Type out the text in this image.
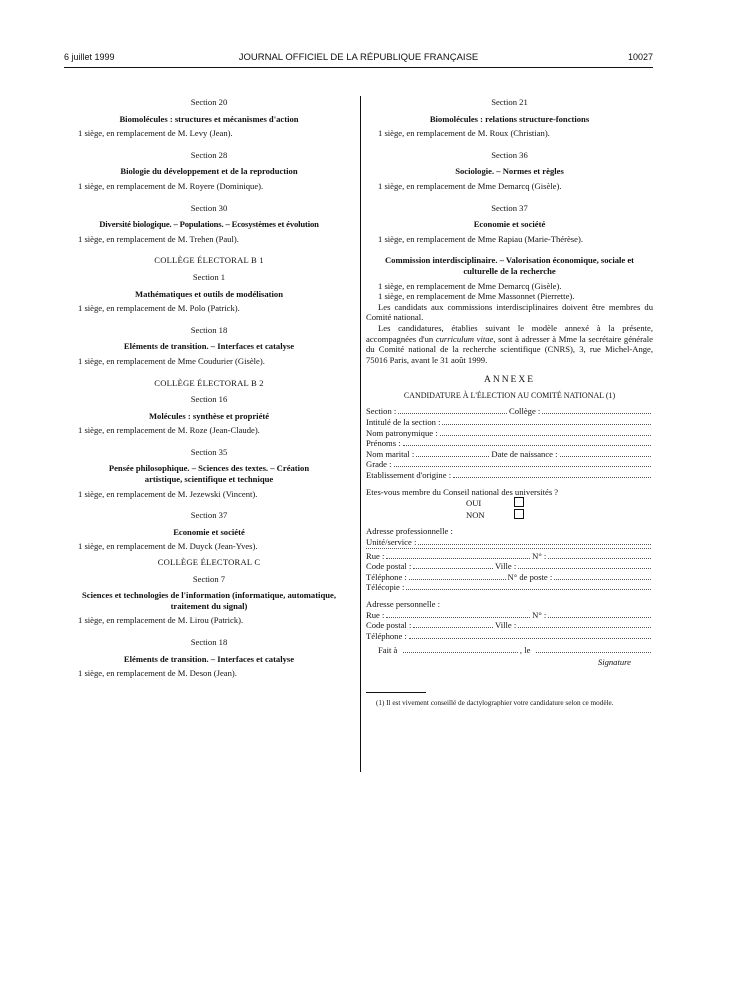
6 juillet 1999	JOURNAL OFFICIEL DE LA RÉPUBLIQUE FRANÇAISE	10027
Section 20
Biomolécules : structures et mécanismes d'action
1 siège, en remplacement de M. Levy (Jean).
Section 28
Biologie du développement et de la reproduction
1 siège, en remplacement de M. Royere (Dominique).
Section 30
Diversité biologique. – Populations. – Ecosystèmes et évolution
1 siège, en remplacement de M. Trehen (Paul).
COLLÈGE ÉLECTORAL B 1
Section 1
Mathématiques et outils de modélisation
1 siège, en remplacement de M. Polo (Patrick).
Section 18
Eléments de transition. – Interfaces et catalyse
1 siège, en remplacement de Mme Coudurier (Gisèle).
COLLÈGE ÉLECTORAL B 2
Section 16
Molécules : synthèse et propriété
1 siège, en remplacement de M. Roze (Jean-Claude).
Section 35
Pensée philosophique. – Sciences des textes. – Création artistique, scientifique et technique
1 siège, en remplacement de M. Jezewski (Vincent).
Section 37
Economie et société
1 siège, en remplacement de M. Duyck (Jean-Yves).
COLLÈGE ÉLECTORAL C
Section 7
Sciences et technologies de l'information (informatique, automatique, traitement du signal)
1 siège, en remplacement de M. Lirou (Patrick).
Section 18
Eléments de transition. – Interfaces et catalyse
1 siège, en remplacement de M. Deson (Jean).
Section 21
Biomolécules : relations structure-fonctions
1 siège, en remplacement de M. Roux (Christian).
Section 36
Sociologie. – Normes et règles
1 siège, en remplacement de Mme Demarcq (Gisèle).
Section 37
Economie et société
1 siège, en remplacement de Mme Rapiau (Marie-Thérèse).
Commission interdisciplinaire. – Valorisation économique, sociale et culturelle de la recherche
1 siège, en remplacement de Mme Demarcq (Gisèle).
1 siège, en remplacement de Mme Massonnet (Pierrette).
Les candidats aux commissions interdisciplinaires doivent être membres du Comité national.
Les candidatures, établies suivant le modèle annexé à la présente, accompagnées d'un curriculum vitae, sont à adresser à Mme la secrétaire générale du Comité national de la recherche scientifique (CNRS), 3, rue Michel-Ange, 75016 Paris, avant le 31 août 1999.
ANNEXE
CANDIDATURE À L'ÉLECTION AU COMITÉ NATIONAL (1)
Section :	Collège :
Intitulé de la section :
Nom patronymique :
Prénoms :
Nom marital :	Date de naissance :
Grade :
Etablissement d'origine :
Etes-vous membre du Conseil national des universités ?
OUI
NON
Adresse professionnelle :
Unité/service :
Rue :	N° :
Code postal :	Ville :
Téléphone :	N° de poste :
Télécopie :
Adresse personnelle :
Rue :	N° :
Code postal :	Ville :
Téléphone :
Fait à	, le
Signature
(1) Il est vivement conseillé de dactylographier votre candidature selon ce modèle.
